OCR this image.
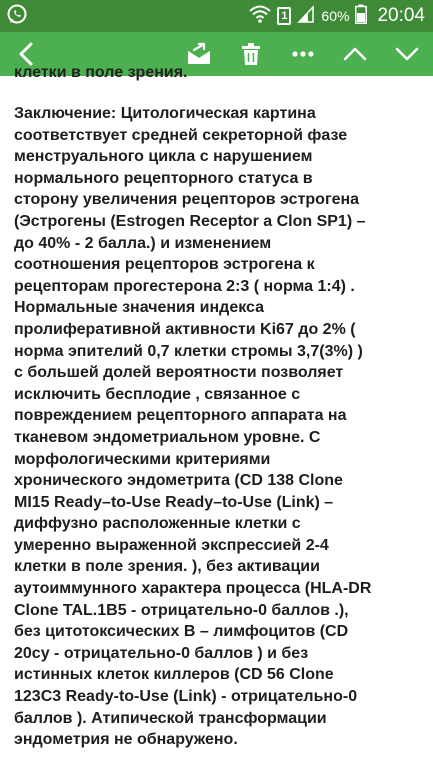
1 60% 20:04
клетки в поле зрения.
Заключение: Цитологическая картина
соответствует средней секреторной фазе
менструального цикла с нарушением
нормального рецепторного статуса в
сторону увеличения рецепторов эстрогена
(Эстрогены (Estrogen Receptor a Clon SP1) –
до 40% - 2 балла.) и изменением
соотношения рецепторов эстрогена к
рецепторам прогестерона 2:3 ( норма 1:4) .
Нормальные значения индекса
пролиферативной активности Ki67 до 2% (
норма эпителий 0,7 клетки стромы 3,7(3%) )
с большей долей вероятности позволяет
исключить бесплодие , связанное с
повреждением рецепторного аппарата на
тканевом эндометриальном уровне. С
морфологическими критериями
хронического эндометрита (CD 138 Clone
MI15 Ready–to-Use Ready–to-Use (Link) –
диффузно расположенные клетки с
умеренно выраженной экспрессией 2-4
клетки в поле зрения. ), без активации
аутоиммунного характера процесса (HLA-DR
Clone TAL.1B5 - отрицательно-0 баллов .),
без цитотоксических В – лимфоцитов (CD
20cy - отрицательно-0 баллов ) и без
истинных клеток киллеров (CD 56 Clone
123C3 Ready-to-Use (Link) - отрицательно-0
баллов ). Атипической трансформации
эндометрия не обнаружено.
